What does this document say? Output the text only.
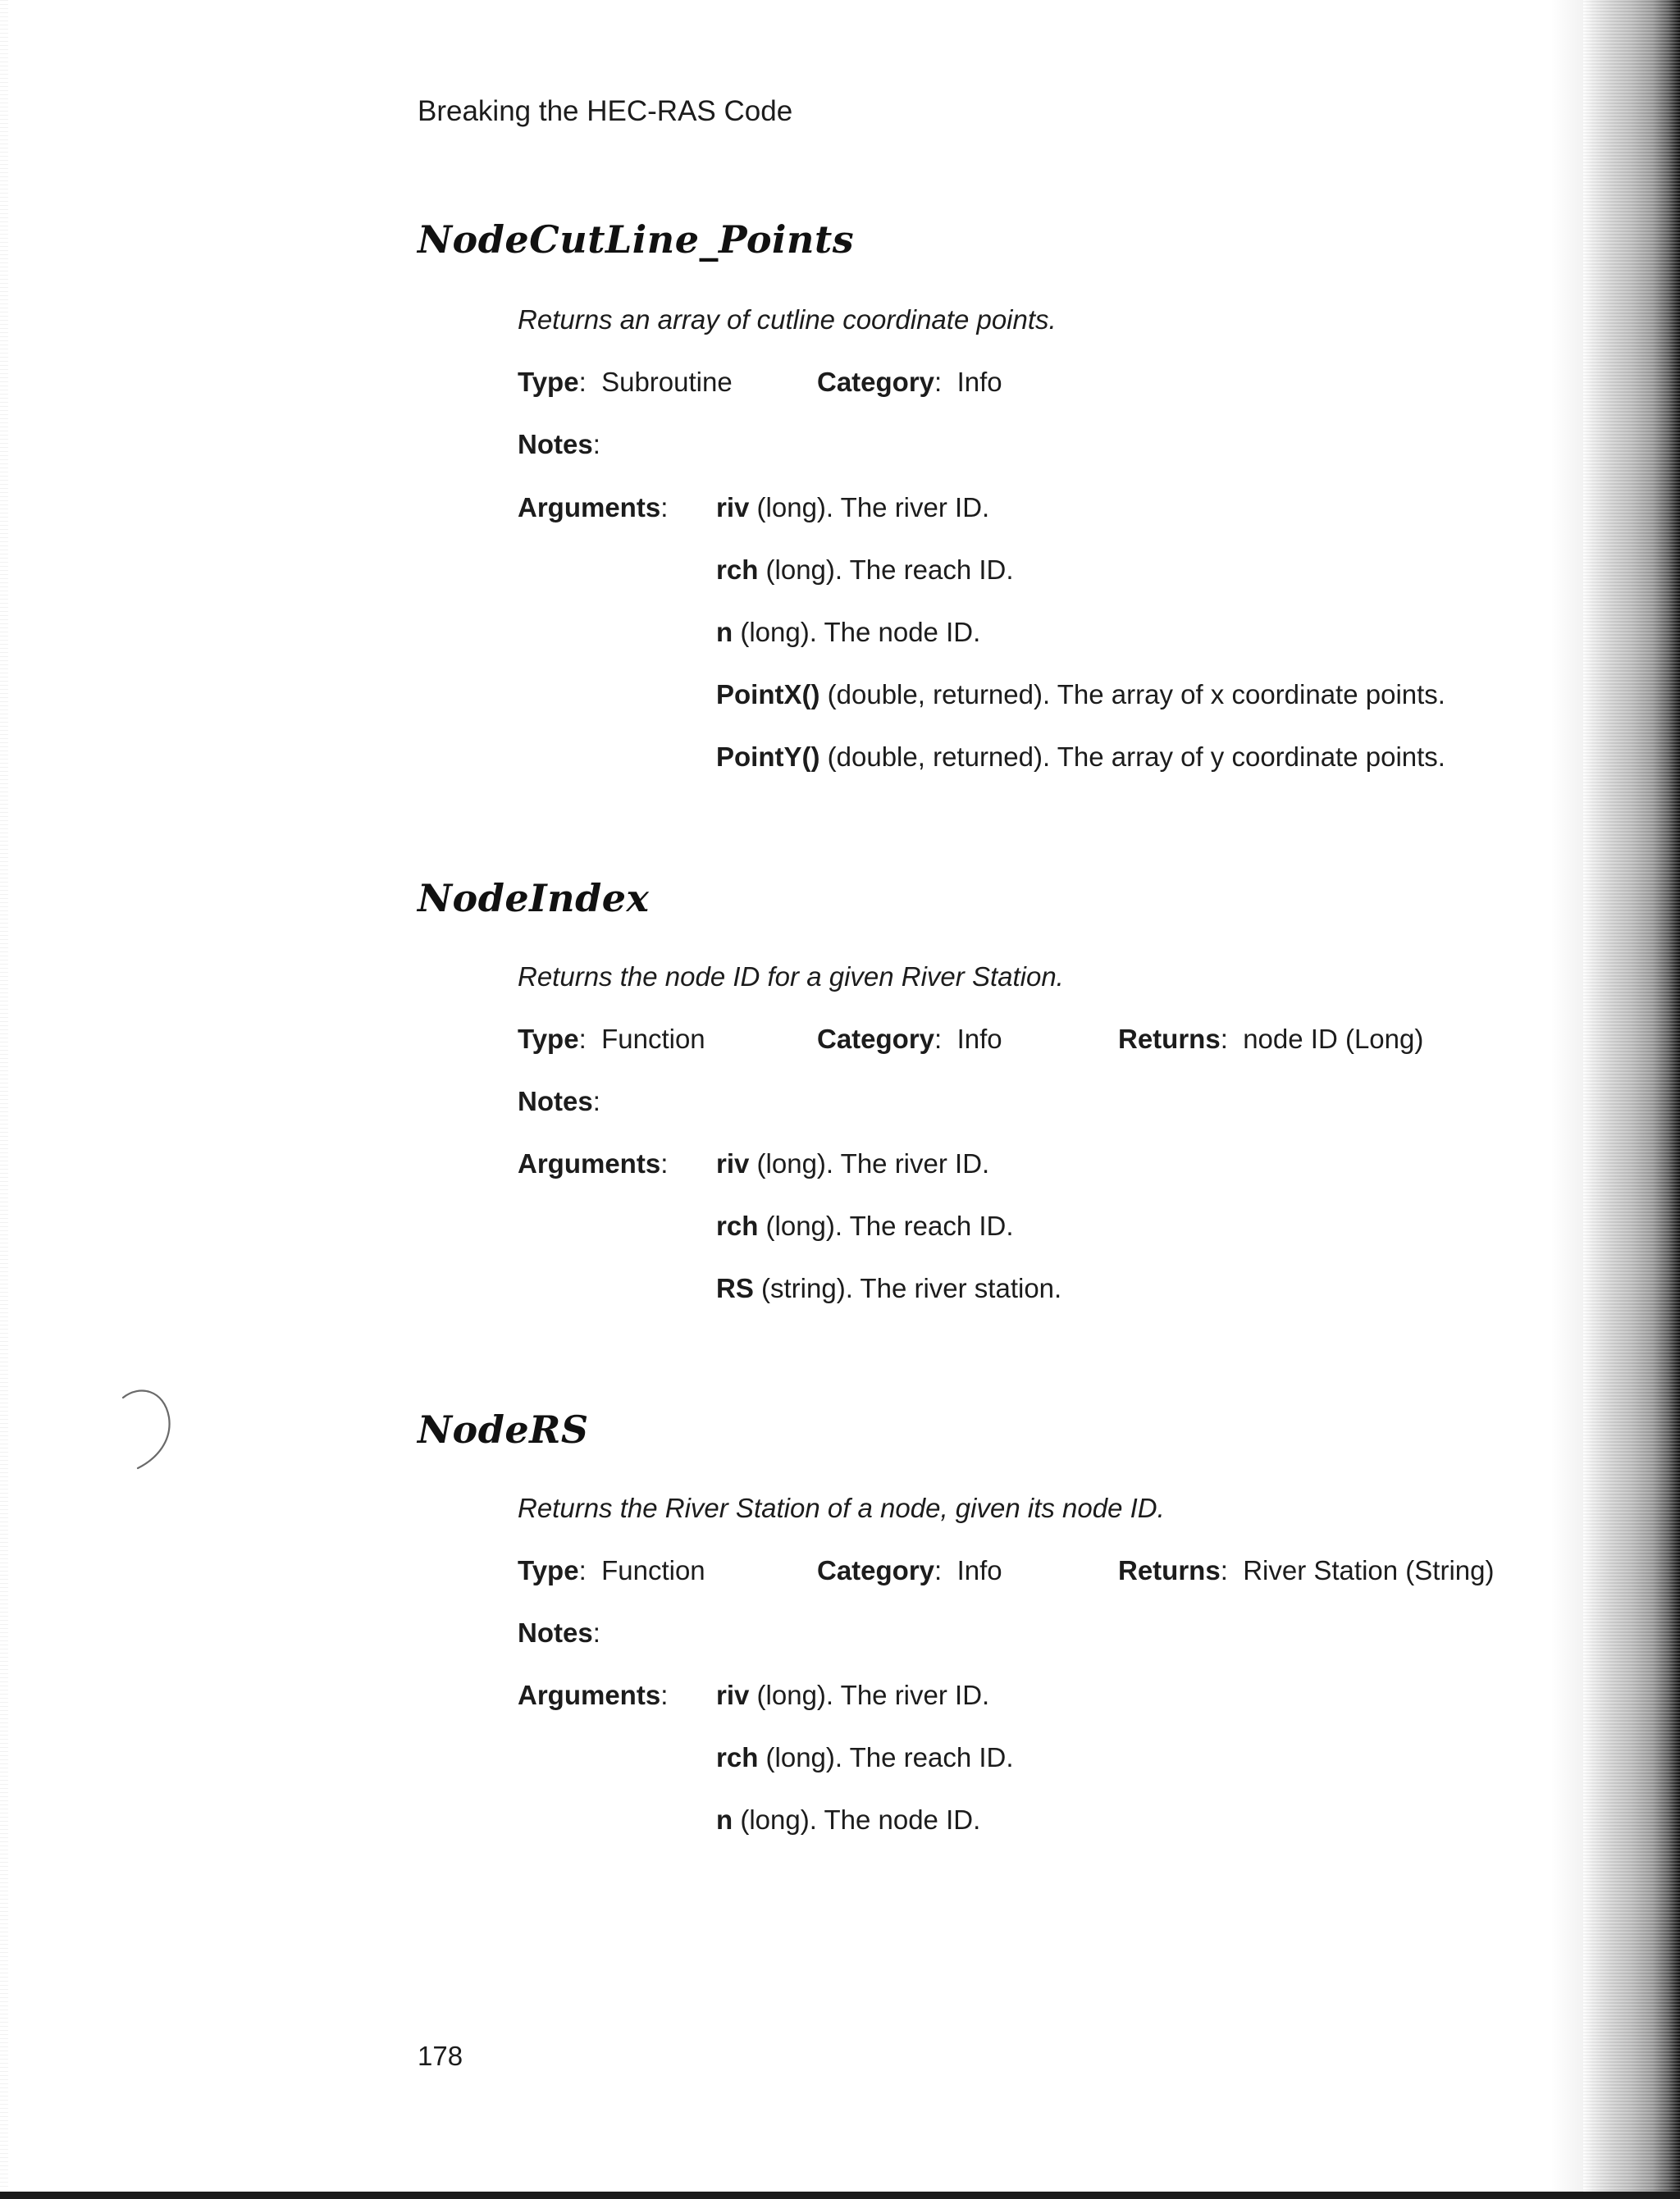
Breaking the HEC-RAS Code
NodeCutLine_Points
Returns an array of cutline coordinate points.
Type:  Subroutine	Category:  Info
Notes:
Arguments: riv (long). The river ID.
rch (long). The reach ID.
n (long). The node ID.
PointX() (double, returned). The array of x coordinate points.
PointY() (double, returned). The array of y coordinate points.
NodeIndex
Returns the node ID for a given River Station.
Type:  Function	Category:  Info	Returns:  node ID (Long)
Notes:
Arguments: riv (long). The river ID.
rch (long). The reach ID.
RS (string). The river station.
NodeRS
Returns the River Station of a node, given its node ID.
Type:  Function	Category:  Info	Returns:  River Station (String)
Notes:
Arguments: riv (long). The river ID.
rch (long). The reach ID.
n (long). The node ID.
178
